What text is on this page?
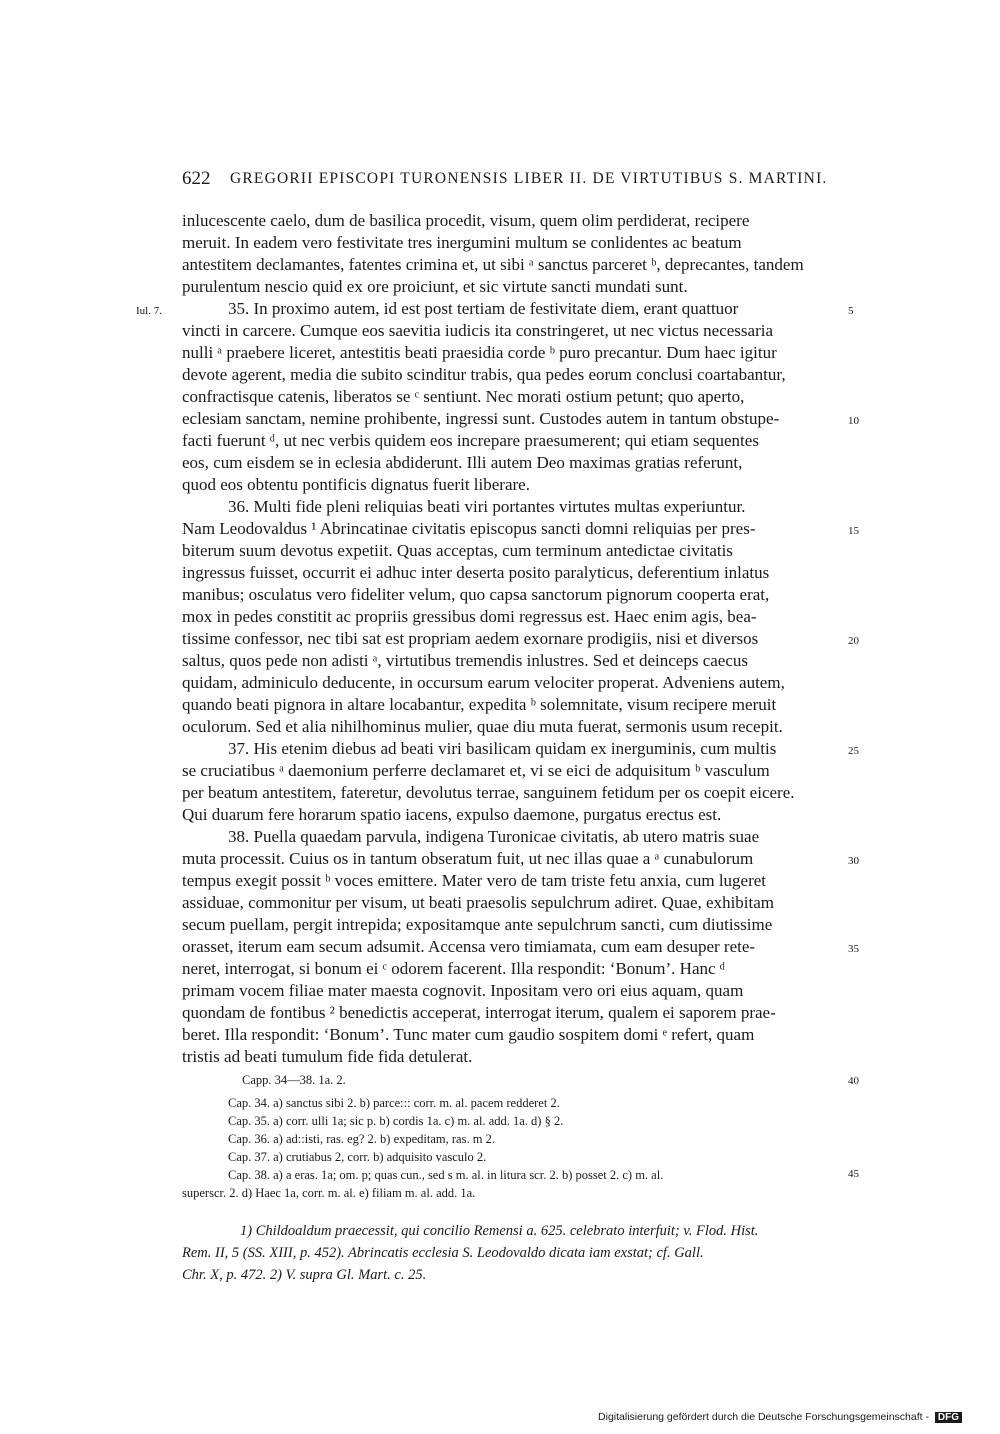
622 GREGORII EPISCOPI TURONENSIS LIBER II. DE VIRTUTIBUS S. MARTINI.
Iul. 7.
inlucescente caelo, dum de basilica procedit, visum, quem olim perdiderat, recipere
meruit. In eadem vero festivitate tres inergumini multum se conlidentes ac beatum
antestitem declamantes, fatentes crimina et, ut sibi ᵃ sanctus parceret ᵇ, deprecantes, tandem
purulentum nescio quid ex ore proiciunt, et sic virtute sancti mundati sunt.
35. In proximo autem, id est post tertiam de festivitate diem, erant quattuor
vincti in carcere. Cumque eos saevitia iudicis ita constringeret, ut nec victus necessaria
nulli ᵃ praebere liceret, antestitis beati praesidia corde ᵇ puro precantur. Dum haec igitur
devote agerent, media die subito scinditur trabis, qua pedes eorum conclusi coartabantur,
confractisque catenis, liberatos se ᶜ sentiunt. Nec morati ostium petunt; quo aperto,
eclesiam sanctam, nemine prohibente, ingressi sunt. Custodes autem in tantum obstupe-
facti fuerunt ᵈ, ut nec verbis quidem eos increpare praesumerent; qui etiam sequentes
eos, cum eisdem se in eclesia abdiderunt. Illi autem Deo maximas gratias referunt,
quod eos obtentu pontificis dignatus fuerit liberare.
36. Multi fide pleni reliquias beati viri portantes virtutes multas experiuntur.
Nam Leodovaldus ¹ Abrincatinae civitatis episcopus sancti domni reliquias per pres-
biterum suum devotus expetiit. Quas acceptas, cum terminum antedictae civitatis
ingressus fuisset, occurrit ei adhuc inter deserta posito paralyticus, deferentium inlatus
manibus; osculatus vero fideliter velum, quo capsa sanctorum pignorum cooperta erat,
mox in pedes constitit ac propriis gressibus domi regressus est. Haec enim agis, bea-
tissime confessor, nec tibi sat est propriam aedem exornare prodigiis, nisi et diversos
saltus, quos pede non adisti ᵃ, virtutibus tremendis inlustres. Sed et deinceps caecus
quidam, adminiculo deducente, in occursum earum velociter properat. Adveniens autem,
quando beati pignora in altare locabantur, expedita ᵇ solemnitate, visum recipere meruit
oculorum. Sed et alia nihilhominus mulier, quae diu muta fuerat, sermonis usum recepit.
37. His etenim diebus ad beati viri basilicam quidam ex inerguminis, cum multis
se cruciatibus ᵃ daemonium perferre declamaret et, vi se eici de adquisitum ᵇ vasculum
per beatum antestitem, fateretur, devolutus terrae, sanguinem fetidum per os coepit eicere.
Qui duarum fere horarum spatio iacens, expulso daemone, purgatus erectus est.
38. Puella quaedam parvula, indigena Turonicae civitatis, ab utero matris suae
muta processit. Cuius os in tantum obseratum fuit, ut nec illas quae a ᵃ cunabulorum
tempus exegit possit ᵇ voces emittere. Mater vero de tam triste fetu anxia, cum lugeret
assiduae, commonitur per visum, ut beati praesolis sepulchrum adiret. Quae, exhibitam
secum puellam, pergit intrepida; expositamque ante sepulchrum sancti, cum diutissime
orasset, iterum eam secum adsumit. Accensa vero timiamata, cum eam desuper rete-
neret, interrogat, si bonum ei ᶜ odorem facerent. Illa respondit: ‘Bonum’. Hanc ᵈ
primam vocem filiae mater maesta cognovit. Inpositam vero ori eius aquam, quam
quondam de fontibus ² benedictis acceperat, interrogat iterum, qualem ei saporem prae-
beret. Illa respondit: ‘Bonum’. Tunc mater cum gaudio sospitem domi ᵉ refert, quam
tristis ad beati tumulum fide fida detulerat.
5
10
15
20
25
30
35
40
45
Capp. 34—38. 1a. 2.
Cap. 34. a) sanctus sibi 2. b) parce::: corr. m. al. pacem redderet 2.
Cap. 35. a) corr. ulli 1a; sic p. b) cordis 1a. c) m. al. add. 1a. d) § 2.
Cap. 36. a) ad::isti, ras. eg? 2. b) expeditam, ras. m 2.
Cap. 37. a) crutiabus 2, corr. b) adquisito vasculo 2.
Cap. 38. a) a eras. 1a; om. p; quas cun., sed s m. al. in litura scr. 2. b) posset 2. c) m. al.
superscr. 2. d) Haec 1a, corr. m. al. e) filiam m. al. add. 1a.
1) Childoaldum praecessit, qui concilio Remensi a. 625. celebrato interfuit; v. Flod. Hist.
Rem. II, 5 (SS. XIII, p. 452). Abrincatis ecclesia S. Leodovaldo dicata iam exstat; cf. Gall.
Chr. X, p. 472. 2) V. supra Gl. Mart. c. 25.
Digitalisierung gefördert durch die Deutsche Forschungsgemeinschaft - DFG
